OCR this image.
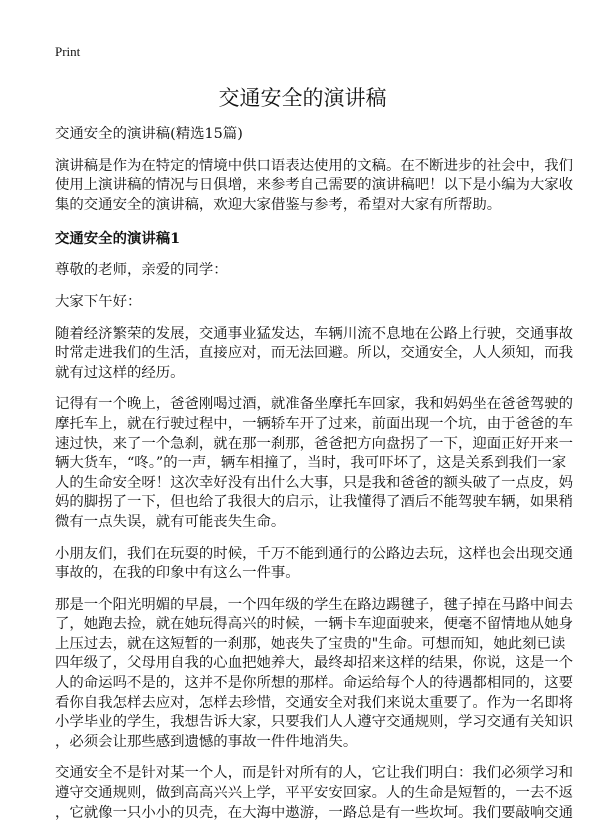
Print
交通安全的演讲稿

交通安全的演讲稿(精选15篇)

演讲稿是作为在特定的情境中供口语表达使用的文稿。在不断进步的社会中，我们
使用上演讲稿的情况与日俱增，来参考自己需要的演讲稿吧！以下是小编为大家收
集的交通安全的演讲稿，欢迎大家借鉴与参考，希望对大家有所帮助。

交通安全的演讲稿1

尊敬的老师，亲爱的同学：

大家下午好：

随着经济繁荣的发展，交通事业猛发达，车辆川流不息地在公路上行驶，交通事故
时常走进我们的生活，直接应对，而无法回避。所以，交通安全，人人须知，而我
就有过这样的经历。

记得有一个晚上，爸爸刚喝过酒，就准备坐摩托车回家，我和妈妈坐在爸爸驾驶的
摩托车上，就在行驶过程中，一辆轿车开了过来，前面出现一个坑，由于爸爸的车
速过快，来了一个急刹，就在那一刹那，爸爸把方向盘拐了一下，迎面正好开来一
辆大货车，“咚。”的一声，辆车相撞了，当时，我可吓坏了，这是关系到我们一家
人的生命安全呀！这次幸好没有出什么大事，只是我和爸爸的额头破了一点皮，妈
妈的脚拐了一下，但也给了我很大的启示，让我懂得了酒后不能驾驶车辆，如果稍
微有一点失误，就有可能丧失生命。

小朋友们，我们在玩耍的时候，千万不能到通行的公路边去玩，这样也会出现交通
事故的，在我的印象中有这么一件事。

那是一个阳光明媚的早晨，一个四年级的学生在路边踢毽子，毽子掉在马路中间去
了，她跑去捡，就在她玩得高兴的时候，一辆卡车迎面驶来，便毫不留情地从她身
上压过去，就在这短暂的一刹那，她丧失了宝贵的"生命。可想而知，她此刻已读
四年级了，父母用自我的心血把她养大，最终却招来这样的结果，你说，这是一个
人的命运吗不是的，这并不是你所想的那样。命运给每个人的待遇都相同的，这要
看你自我怎样去应对，怎样去珍惜，交通安全对我们来说太重要了。作为一名即将
小学毕业的学生，我想告诉大家，只要我们人人遵守交通规则，学习交通有关知识
，必须会让那些感到遗憾的事故一件件地消失。

交通安全不是针对某一个人，而是针对所有的人，它让我们明白：我们必须学习和
遵守交通规则，做到高高兴兴上学，平平安安回家。人的生命是短暂的，一去不返
，它就像一只小小的贝壳，在大海中遨游，一路总是有一些坎坷。我们要敲响交通
